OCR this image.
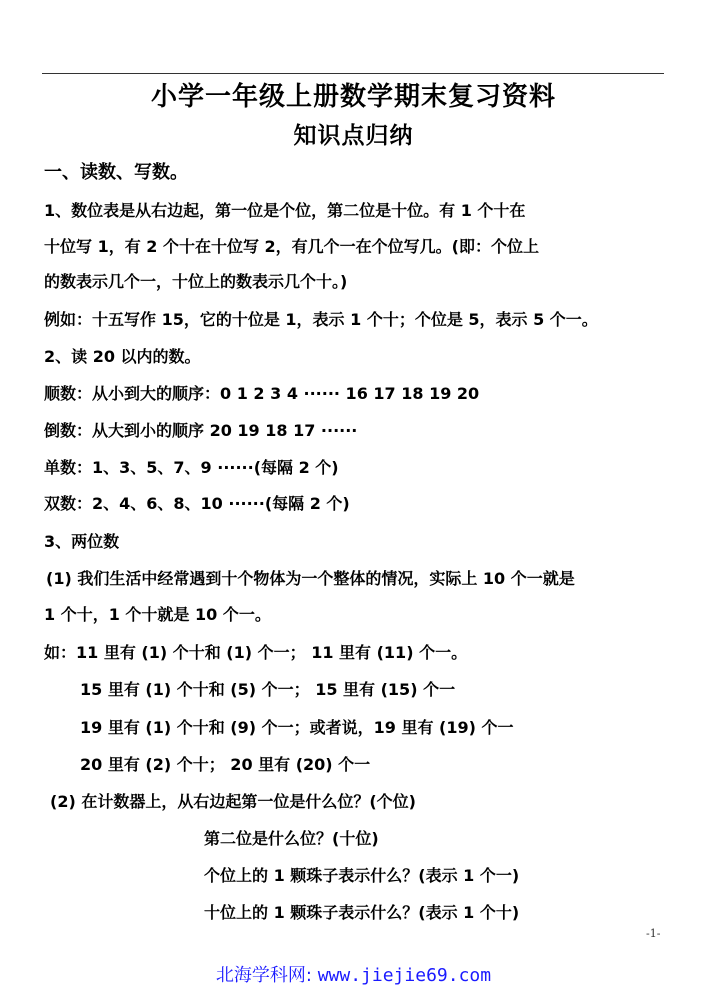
小学一年级上册数学期末复习资料
知识点归纳
一、读数、写数。
1、数位表是从右边起，第一位是个位，第二位是十位。有 1 个十在
十位写 1，有 2 个十在十位写 2，有几个一在个位写几。(即：个位上
的数表示几个一，十位上的数表示几个十。)
例如：十五写作 15，它的十位是 1，表示 1 个十；个位是 5，表示 5 个一。
2、读 20 以内的数。
顺数：从小到大的顺序：0 1 2 3 4 ······ 16 17 18 19 20
倒数：从大到小的顺序 20 19 18 17 ······
单数：1、3、5、7、9 ······(每隔 2 个)
双数：2、4、6、8、10 ······(每隔 2 个)
3、两位数
(1) 我们生活中经常遇到十个物体为一个整体的情况，实际上 10 个一就是
1 个十，1 个十就是 10 个一。
如：11 里有 (1) 个十和 (1) 个一； 11 里有 (11) 个一。
15 里有 (1) 个十和 (5) 个一； 15 里有 (15) 个一
19 里有 (1) 个十和 (9) 个一；或者说，19 里有 (19) 个一
20 里有 (2) 个十； 20 里有 (20) 个一
(2) 在计数器上，从右边起第一位是什么位？(个位)
第二位是什么位？(十位)
个位上的 1 颗珠子表示什么？(表示 1 个一)
十位上的 1 颗珠子表示什么？(表示 1 个十)
-1-
北海学科网: www.jiejie69.com
